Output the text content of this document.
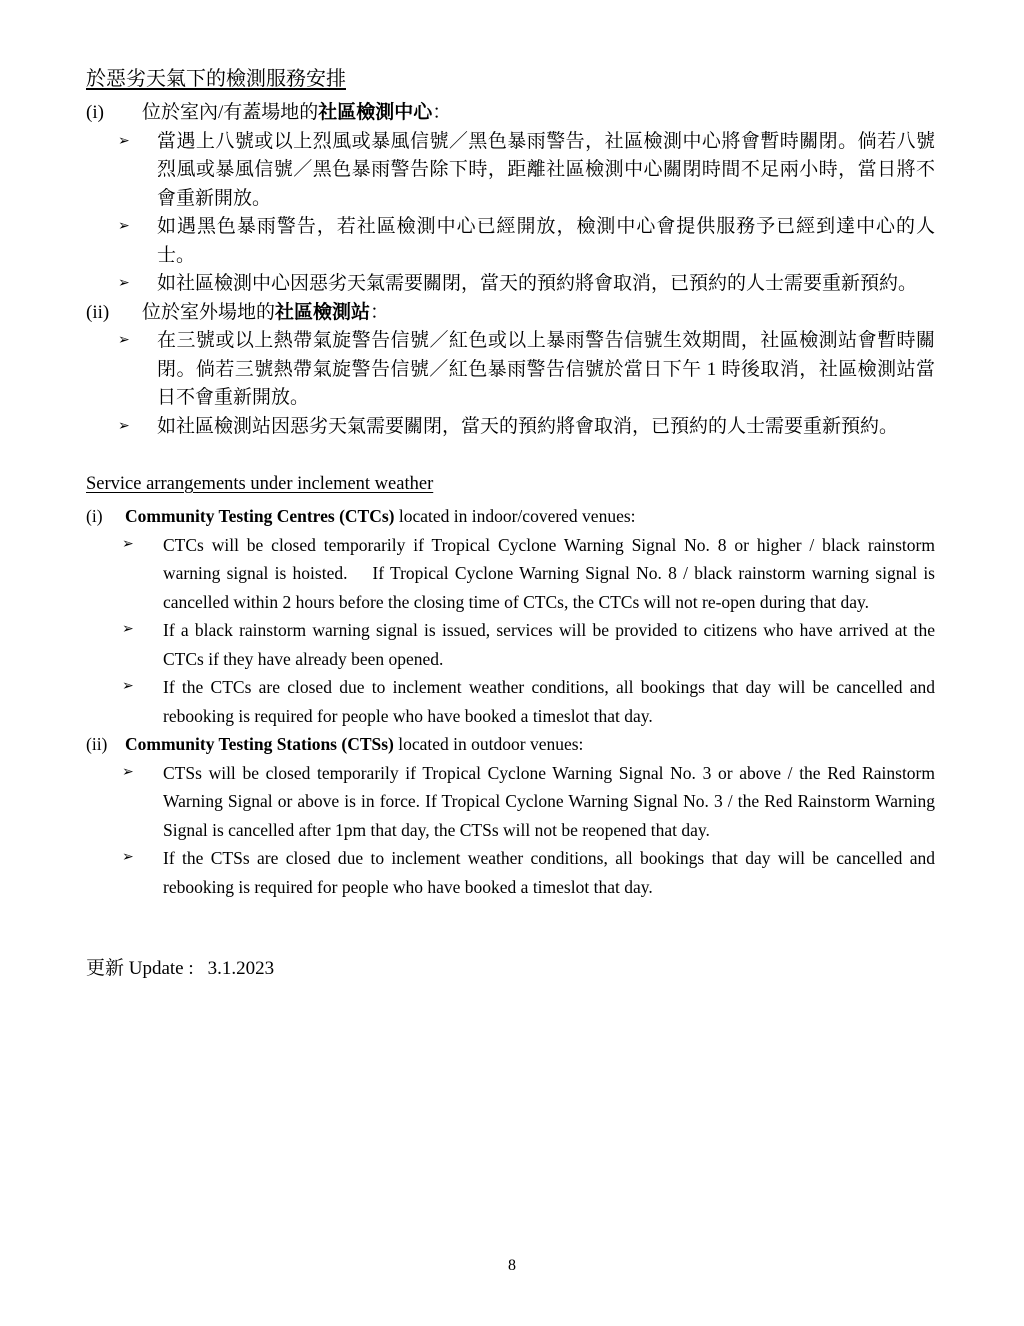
於惡劣天氣下的檢測服務安排
(i)	位於室內/有蓋場地的社區檢測中心：
➢	當遇上八號或以上烈風或暴風信號／黑色暴雨警告，社區檢測中心將會暫時關閉。倘若八號烈風或暴風信號／黑色暴雨警告除下時，距離社區檢測中心關閉時間不足兩小時，當日將不會重新開放。
➢	如遇黑色暴雨警告，若社區檢測中心已經開放，檢測中心會提供服務予已經到達中心的人士。
➢	如社區檢測中心因惡劣天氣需要關閉，當天的預約將會取消，已預約的人士需要重新預約。
(ii)	位於室外場地的社區檢測站：
➢	在三號或以上熱帶氣旋警告信號／紅色或以上暴雨警告信號生效期間，社區檢測站會暫時關閉。倘若三號熱帶氣旋警告信號／紅色暴雨警告信號於當日下午 1 時後取消，社區檢測站當日不會重新開放。
➢	如社區檢測站因惡劣天氣需要關閉，當天的預約將會取消，已預約的人士需要重新預約。
Service arrangements under inclement weather
(i)	Community Testing Centres (CTCs) located in indoor/covered venues:
➢	CTCs will be closed temporarily if Tropical Cyclone Warning Signal No. 8 or higher / black rainstorm warning signal is hoisted.    If Tropical Cyclone Warning Signal No. 8 / black rainstorm warning signal is cancelled within 2 hours before the closing time of CTCs, the CTCs will not re-open during that day.
➢	If a black rainstorm warning signal is issued, services will be provided to citizens who have arrived at the CTCs if they have already been opened.
➢	If the CTCs are closed due to inclement weather conditions, all bookings that day will be cancelled and rebooking is required for people who have booked a timeslot that day.
(ii)	Community Testing Stations (CTSs) located in outdoor venues:
➢	CTSs will be closed temporarily if Tropical Cyclone Warning Signal No. 3 or above / the Red Rainstorm Warning Signal or above is in force. If Tropical Cyclone Warning Signal No. 3 / the Red Rainstorm Warning Signal is cancelled after 1pm that day, the CTSs will not be reopened that day.
➢	If the CTSs are closed due to inclement weather conditions, all bookings that day will be cancelled and rebooking is required for people who have booked a timeslot that day.
更新 Update : 3.1.2023
8
